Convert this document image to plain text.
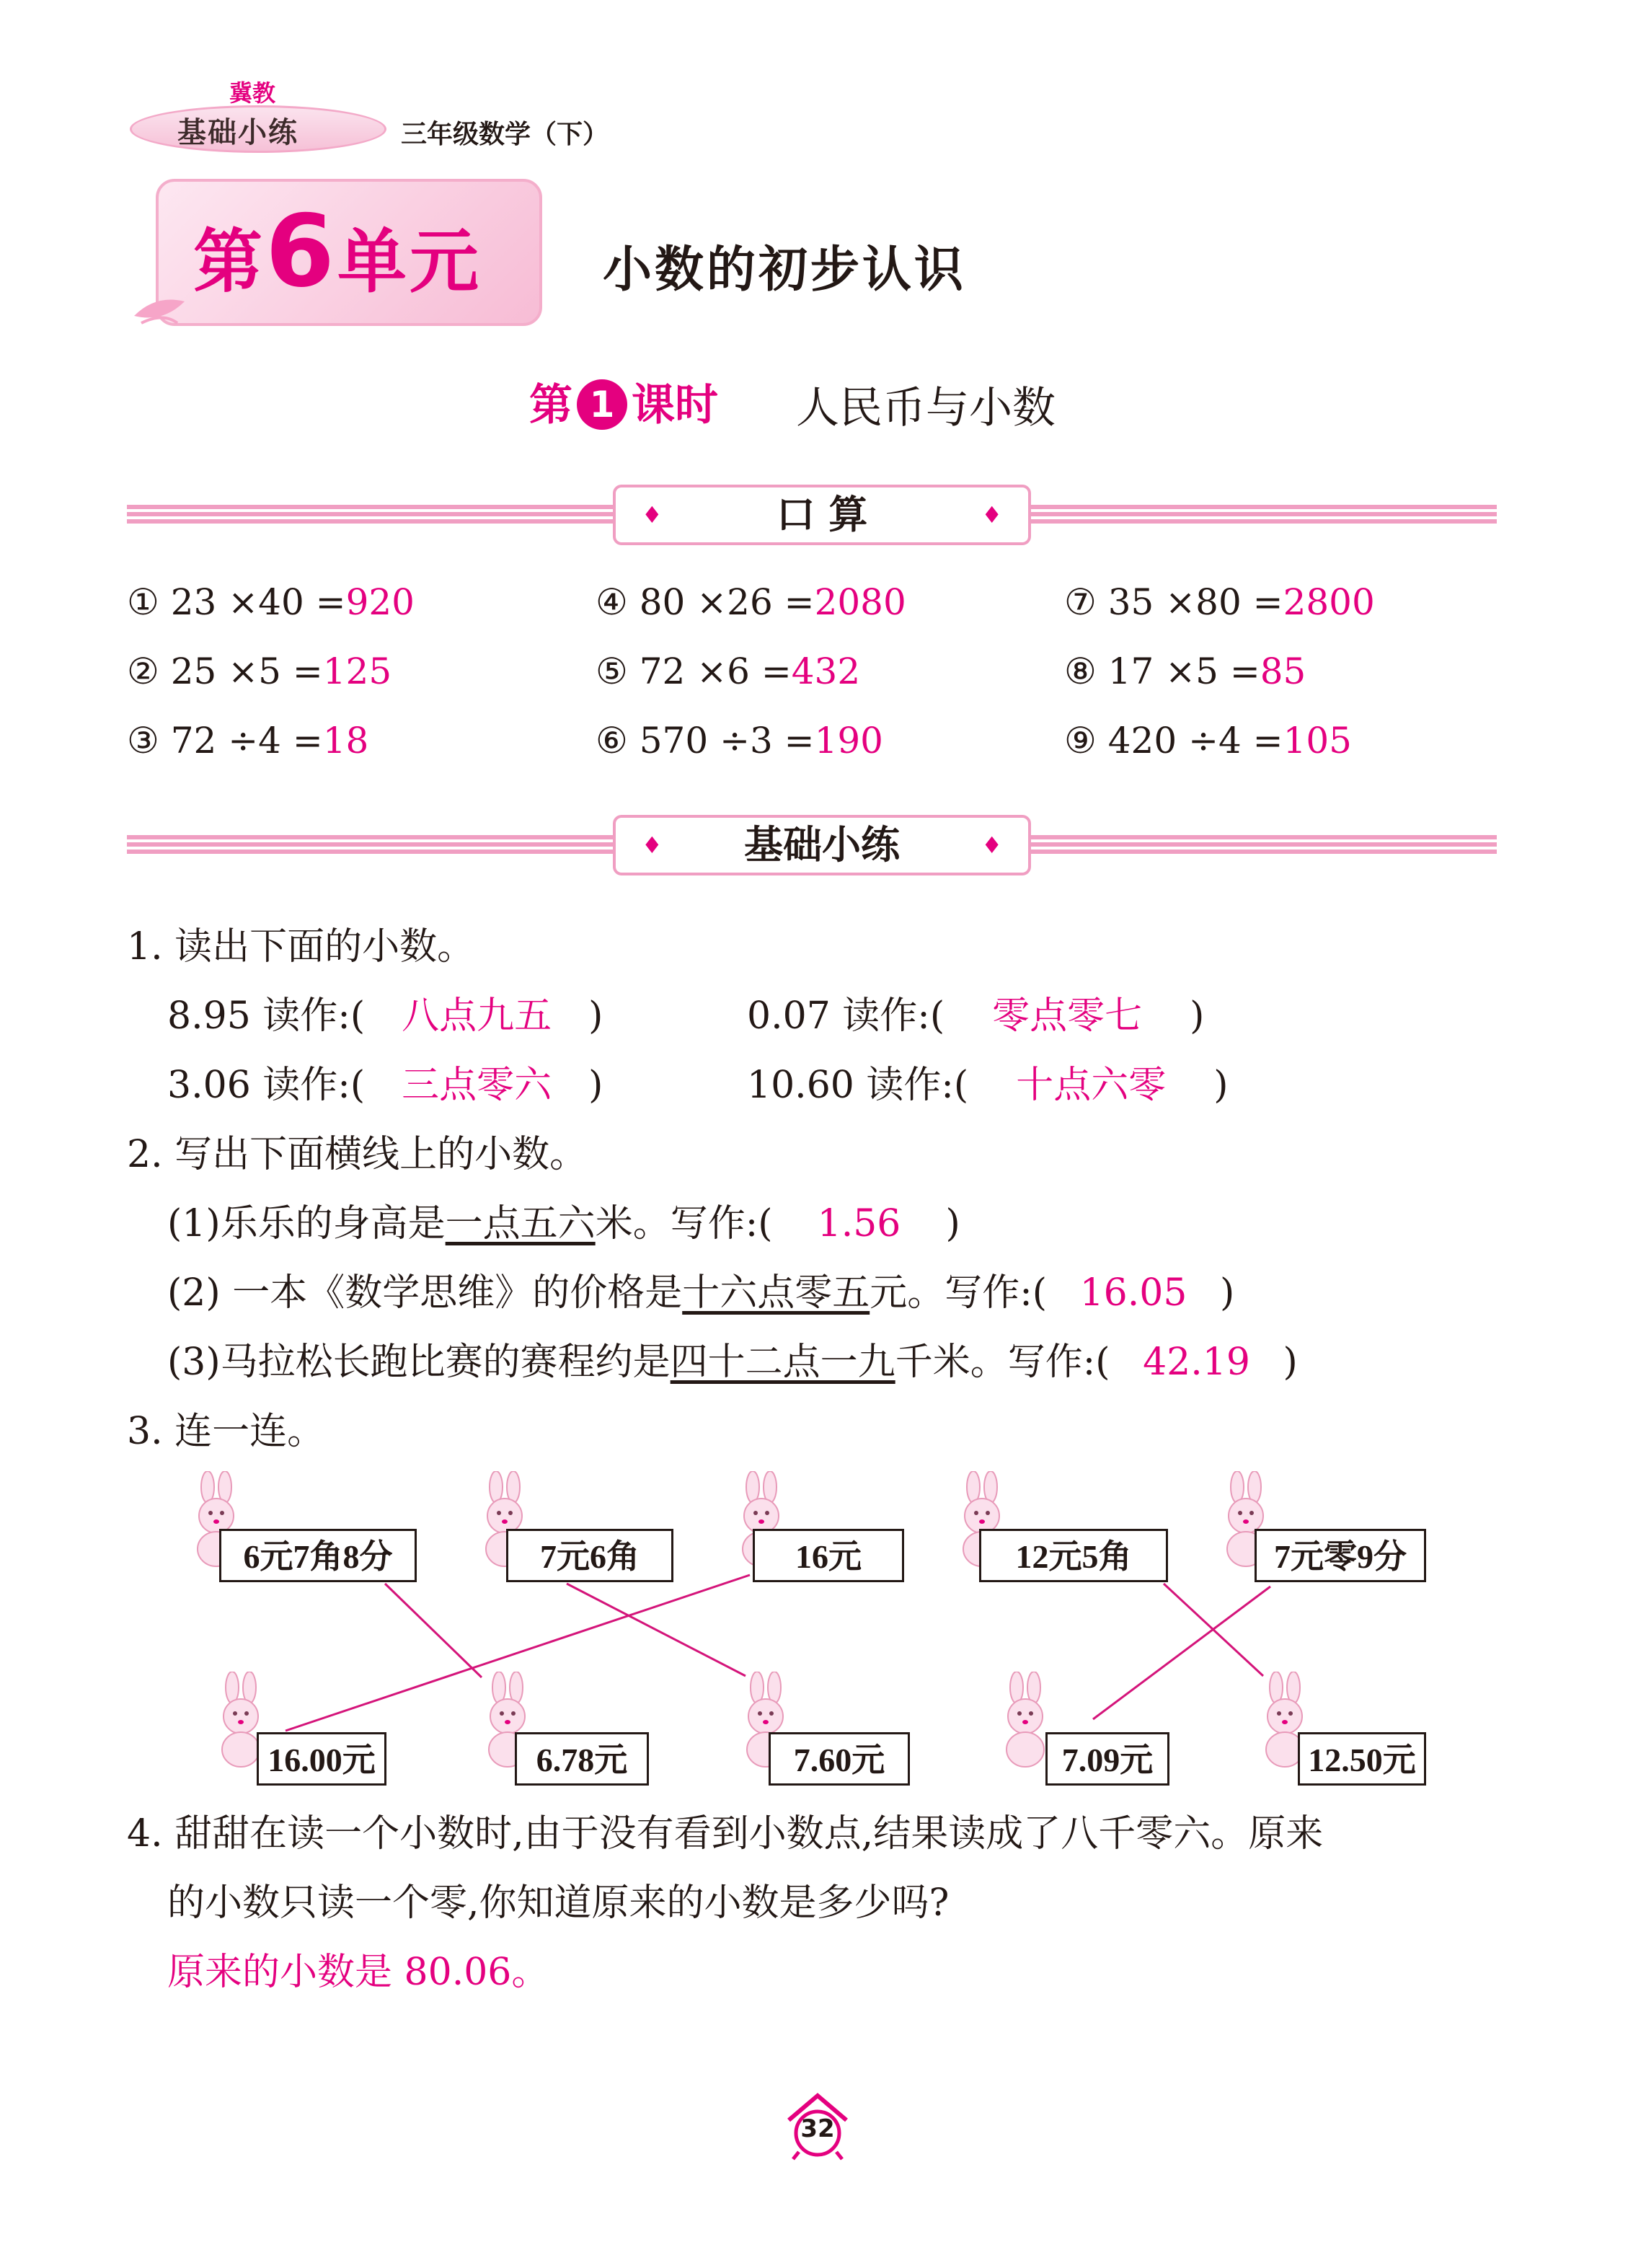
冀教
基础小练	三年级数学（下）
第6单元 小数的初步认识
第 1 课时 人民币与小数
♦	口 算	♦
① 23 ×40 =920	④ 80 ×26 =2080	⑦ 35 ×80 =2800
② 25 ×5 =125	⑤ 72 ×6 =432	⑧ 17 ×5 =85
③ 72 ÷4 =18	⑥ 570 ÷3 =190	⑨ 420 ÷4 =105
♦ 基础小练	♦
1. 读出下面的小数。
8.95 读作:( 八点九五 )	0.07 读作:( 零点零七 )
3.06 读作:( 三点零六 )	10.60 读作:( 十点六零 )
2. 写出下面横线上的小数。
(1)乐乐的身高是一点五六米。写作:( 1.56 )
(2) 一本《数学思维》的价格是十六点零五元。写作:( 16.05 )
(3)马拉松长跑比赛的赛程约是四十二点一九千米。写作:( 42.19 )
3. 连一连。
6元7角8分	7元6角	16元	12元5角	7元零9分
16.00元	6.78元	7.60元	7.09元	12.50元
4. 甜甜在读一个小数时,由于没有看到小数点,结果读成了八千零六。原来
的小数只读一个零,你知道原来的小数是多少吗?
原来的小数是 80.06。
32
